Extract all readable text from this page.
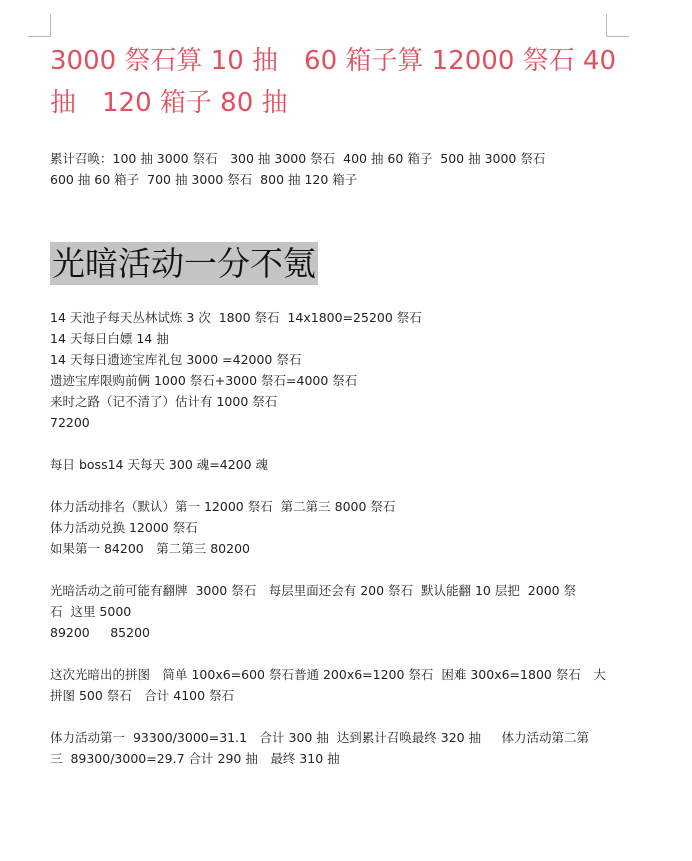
3000 祭石算 10 抽　60 箱子算 12000 祭石 40 抽　120 箱子 80 抽

累计召唤：100 抽 3000 祭石　300 抽 3000 祭石  400 抽 60 箱子  500 抽 3000 祭石
600 抽 60 箱子  700 抽 3000 祭石  800 抽 120 箱子
光暗活动一分不氪
14 天池子每天丛林试炼 3 次  1800 祭石  14x1800=25200 祭石
14 天每日白嫖 14 抽
14 天每日遗迹宝库礼包 3000 =42000 祭石
遗迹宝库限购前俩 1000 祭石+3000 祭石=4000 祭石
来时之路（记不清了）估计有 1000 祭石
72200

每日 boss14 天每天 300 魂=4200 魂

体力活动排名（默认）第一 12000 祭石  第二第三 8000 祭石
体力活动兑换 12000 祭石
如果第一 84200　第二第三 80200

光暗活动之前可能有翻牌  3000 祭石　每层里面还会有 200 祭石  默认能翻 10 层把  2000 祭
石  这里 5000
89200　  85200

这次光暗出的拼图　简单 100x6=600 祭石普通 200x6=1200 祭石  困难 300x6=1800 祭石　大
拼图 500 祭石　合计 4100 祭石

体力活动第一  93300/3000=31.1　合计 300 抽  达到累计召唤最终 320 抽　  体力活动第二第
三  89300/3000=29.7 合计 290 抽　最终 310 抽
